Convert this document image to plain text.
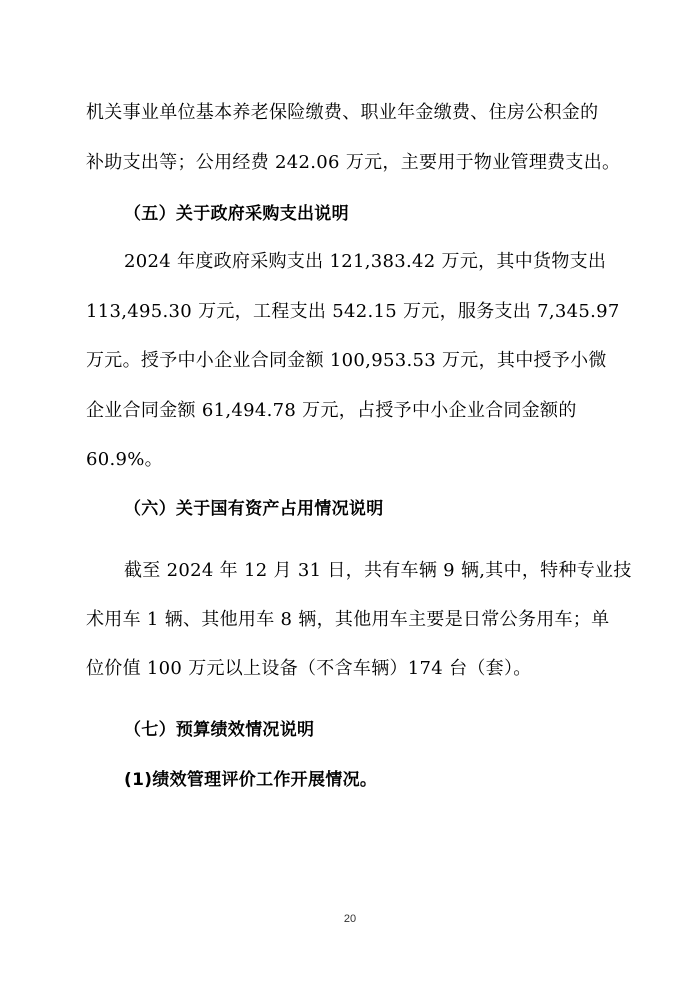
机关事业单位基本养老保险缴费、职业年金缴费、住房公积金的
补助支出等；公用经费 242.06 万元，主要用于物业管理费支出。
（五）关于政府采购支出说明
2024 年度政府采购支出 121,383.42 万元，其中货物支出
113,495.30 万元，工程支出 542.15 万元，服务支出 7,345.97
万元。授予中小企业合同金额 100,953.53 万元，其中授予小微
企业合同金额 61,494.78 万元，占授予中小企业合同金额的
60.9%。
（六）关于国有资产占用情况说明
截至 2024 年 12 月 31 日，共有车辆 9 辆,其中，特种专业技
术用车 1 辆、其他用车 8 辆，其他用车主要是日常公务用车；单
位价值 100 万元以上设备（不含车辆）174 台（套）。
（七）预算绩效情况说明
(1)绩效管理评价工作开展情况。
20
